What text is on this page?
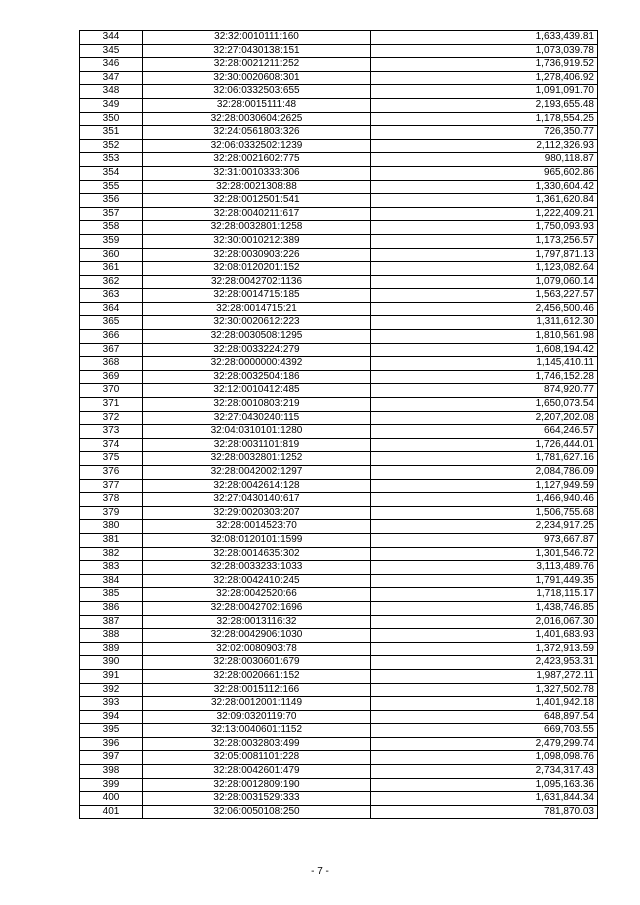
344	32:32:0010111:160	1,633,439.81
345	32:27:0430138:151	1,073,039.78
346	32:28:0021211:252	1,736,919.52
347	32:30:0020608:301	1,278,406.92
348	32:06:0332503:655	1,091,091.70
349	32:28:0015111:48	2,193,655.48
350	32:28:0030604:2625	1,178,554.25
351	32:24:0561803:326	726,350.77
352	32:06:0332502:1239	2,112,326.93
353	32:28:0021602:775	980,118.87
354	32:31:0010333:306	965,602.86
355	32:28:0021308:88	1,330,604.42
356	32:28:0012501:541	1,361,620.84
357	32:28:0040211:617	1,222,409.21
358	32:28:0032801:1258	1,750,093.93
359	32:30:0010212:389	1,173,256.57
360	32:28:0030903:226	1,797,871.13
361	32:08:0120201:152	1,123,082.64
362	32:28:0042702:1136	1,079,060.14
363	32:28:0014715:185	1,563,227.57
364	32:28:0014715:21	2,456,500.46
365	32:30:0020612:223	1,311,612.30
366	32:28:0030508:1295	1,810,561.98
367	32:28:0033224:279	1,608,194.42
368	32:28:0000000:4392	1,145,410.11
369	32:28:0032504:186	1,746,152.28
370	32:12:0010412:485	874,920.77
371	32:28:0010803:219	1,650,073.54
372	32:27:0430240:115	2,207,202.08
373	32:04:0310101:1280	664,246.57
374	32:28:0031101:819	1,726,444.01
375	32:28:0032801:1252	1,781,627.16
376	32:28:0042002:1297	2,084,786.09
377	32:28:0042614:128	1,127,949.59
378	32:27:0430140:617	1,466,940.46
379	32:29:0020303:207	1,506,755.68
380	32:28:0014523:70	2,234,917.25
381	32:08:0120101:1599	973,667.87
382	32:28:0014635:302	1,301,546.72
383	32:28:0033233:1033	3,113,489.76
384	32:28:0042410:245	1,791,449.35
385	32:28:0042520:66	1,718,115.17
386	32:28:0042702:1696	1,438,746.85
387	32:28:0013116:32	2,016,067.30
388	32:28:0042906:1030	1,401,683.93
389	32:02:0080903:78	1,372,913.59
390	32:28:0030601:679	2,423,953.31
391	32:28:0020661:152	1,987,272.11
392	32:28:0015112:166	1,327,502.78
393	32:28:0012001:1149	1,401,942.18
394	32:09:0320119:70	648,897.54
395	32:13:0040601:1152	669,703.55
396	32:28:0032803:499	2,479,299.74
397	32:05:0081101:228	1,098,098.76
398	32:28:0042601:479	2,734,317.43
399	32:28:0012809:190	1,095,163.36
400	32:28:0031529:333	1,631,844.34
401	32:06:0050108:250	781,870.03
- 7 -
